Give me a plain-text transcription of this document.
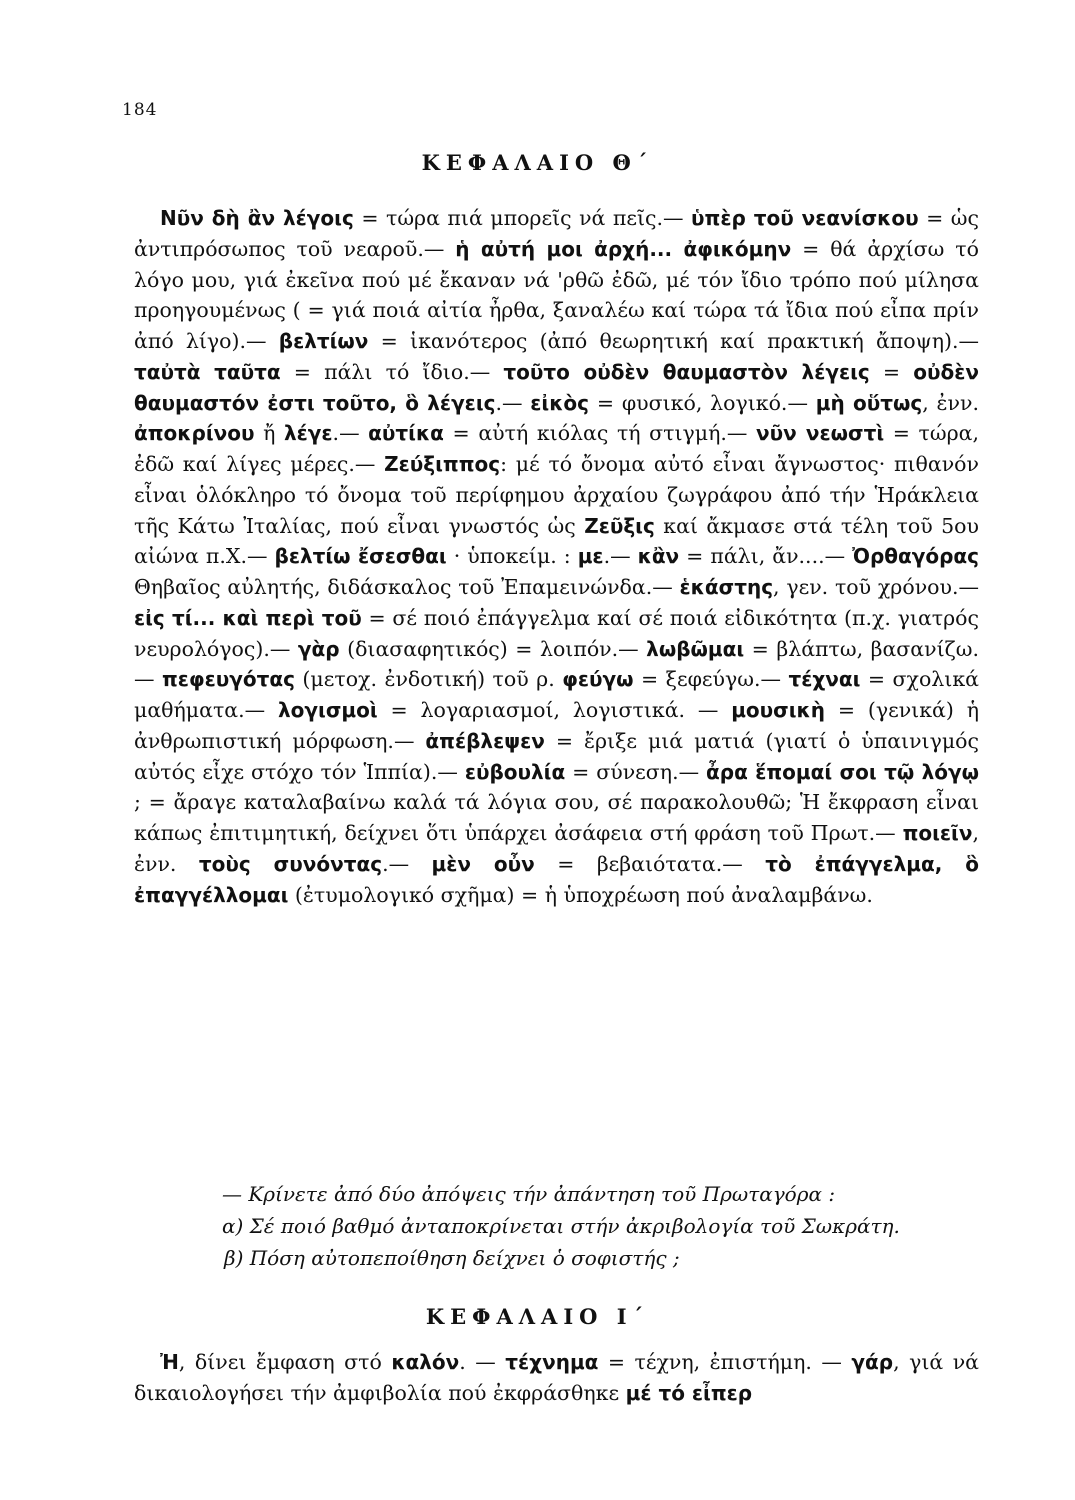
184
ΚΕΦΑΛΑΙΟ Θ΄
Νῦν δὴ ἂν λέγοις = τώρα πιά μπορεῖς νά πεῖς.— ὑπὲρ τοῦ νεανίσκου = ὡς ἀντιπρόσωπος τοῦ νεαροῦ.— ἡ αὐτή μοι ἀρχή... ἀφικόμην = θά ἀρχίσω τό λόγο μου, γιά ἐκεῖνα πού μέ ἔκαναν νά 'ρθῶ ἐδῶ, μέ τόν ἴδιο τρόπο πού μίλησα προηγουμένως ( = γιά ποιά αἰτία ἦρθα, ξαναλέω καί τώρα τά ἴδια πού εἶπα πρίν ἀπό λίγο).— βελτίων = ἱκανότερος (ἀπό θεωρητική καί πρακτική ἄποψη).— ταὐτὰ ταῦτα = πάλι τό ἴδιο.— τοῦτο οὐδὲν θαυμαστὸν λέγεις = οὐδὲν θαυμαστόν ἐστι τοῦτο, ὃ λέγεις.— εἰκὸς = φυσικό, λογικό.— μὴ οὕτως, ἐνν. ἀποκρίνου ἤ λέγε.— αὐτίκα = αὐτή κιόλας τή στιγμή.— νῦν νεωστὶ = τώρα, ἐδῶ καί λίγες μέρες.— Ζεύξιππος: μέ τό ὄνομα αὐτό εἶναι ἄγνωστος· πιθανόν εἶναι ὁλόκληρο τό ὄνομα τοῦ περίφημου ἀρχαίου ζωγράφου ἀπό τήν Ἡράκλεια τῆς Κάτω Ἰταλίας, πού εἶναι γνωστός ὡς Ζεῦξις καί ἄκμασε στά τέλη τοῦ 5ου αἰώνα π.Χ.— βελτίω ἔσεσθαι · ὑποκείμ. : με.— κἂν = πάλι, ἄν....— Ὀρθαγόρας Θηβαῖος αὐλητής, διδάσκαλος τοῦ Ἐπαμεινώνδα.— ἑκάστης, γεν. τοῦ χρόνου.— εἰς τί... καὶ περὶ τοῦ = σέ ποιό ἐπάγγελμα καί σέ ποιά εἰδικότητα (π.χ. γιατρός νευρολόγος).— γὰρ (διασαφητικός) = λοιπόν.— λωβῶμαι = βλάπτω, βασανίζω.— πεφευγότας (μετοχ. ἐνδοτική) τοῦ ρ. φεύγω = ξεφεύγω.— τέχναι = σχολικά μαθήματα.— λογισμοὶ = λογαριασμοί, λογιστικά. — μουσικὴ = (γενικά) ἡ ἀνθρωπιστική μόρφωση.— ἀπέβλεψεν = ἔριξε μιά ματιά (γιατί ὁ ὑπαινιγμός αὐτός εἶχε στόχο τόν Ἱππία).— εὐβουλία = σύνεση.— ἆρα ἕπομαί σοι τῷ λόγῳ ; = ἄραγε καταλαβαίνω καλά τά λόγια σου, σέ παρακολουθῶ; Ἡ ἔκφραση εἶναι κάπως ἐπιτιμητική, δείχνει ὅτι ὑπάρχει ἀσάφεια στή φράση τοῦ Πρωτ.— ποιεῖν, ἐνν. τοὺς συνόντας.— μὲν οὖν = βεβαιότατα.— τὸ ἐπάγγελμα, ὃ ἐπαγγέλλομαι (ἐτυμολογικό σχῆμα) = ἡ ὑποχρέωση πού ἀναλαμβάνω.
— Κρίνετε ἀπό δύο ἀπόψεις τήν ἀπάντηση τοῦ Πρωταγόρα :
α) Σέ ποιό βαθμό ἀνταποκρίνεται στήν ἀκριβολογία τοῦ Σωκράτη.
β) Πόση αὐτοπεποίθηση δείχνει ὁ σοφιστής ;
ΚΕΦΑΛΑΙΟ Ι΄
Ἠ, δίνει ἔμφαση στό καλόν. — τέχνημα = τέχνη, ἐπιστήμη. — γάρ, γιά νά δικαιολογήσει τήν ἀμφιβολία πού ἐκφράσθηκε μέ τό εἶπερ
